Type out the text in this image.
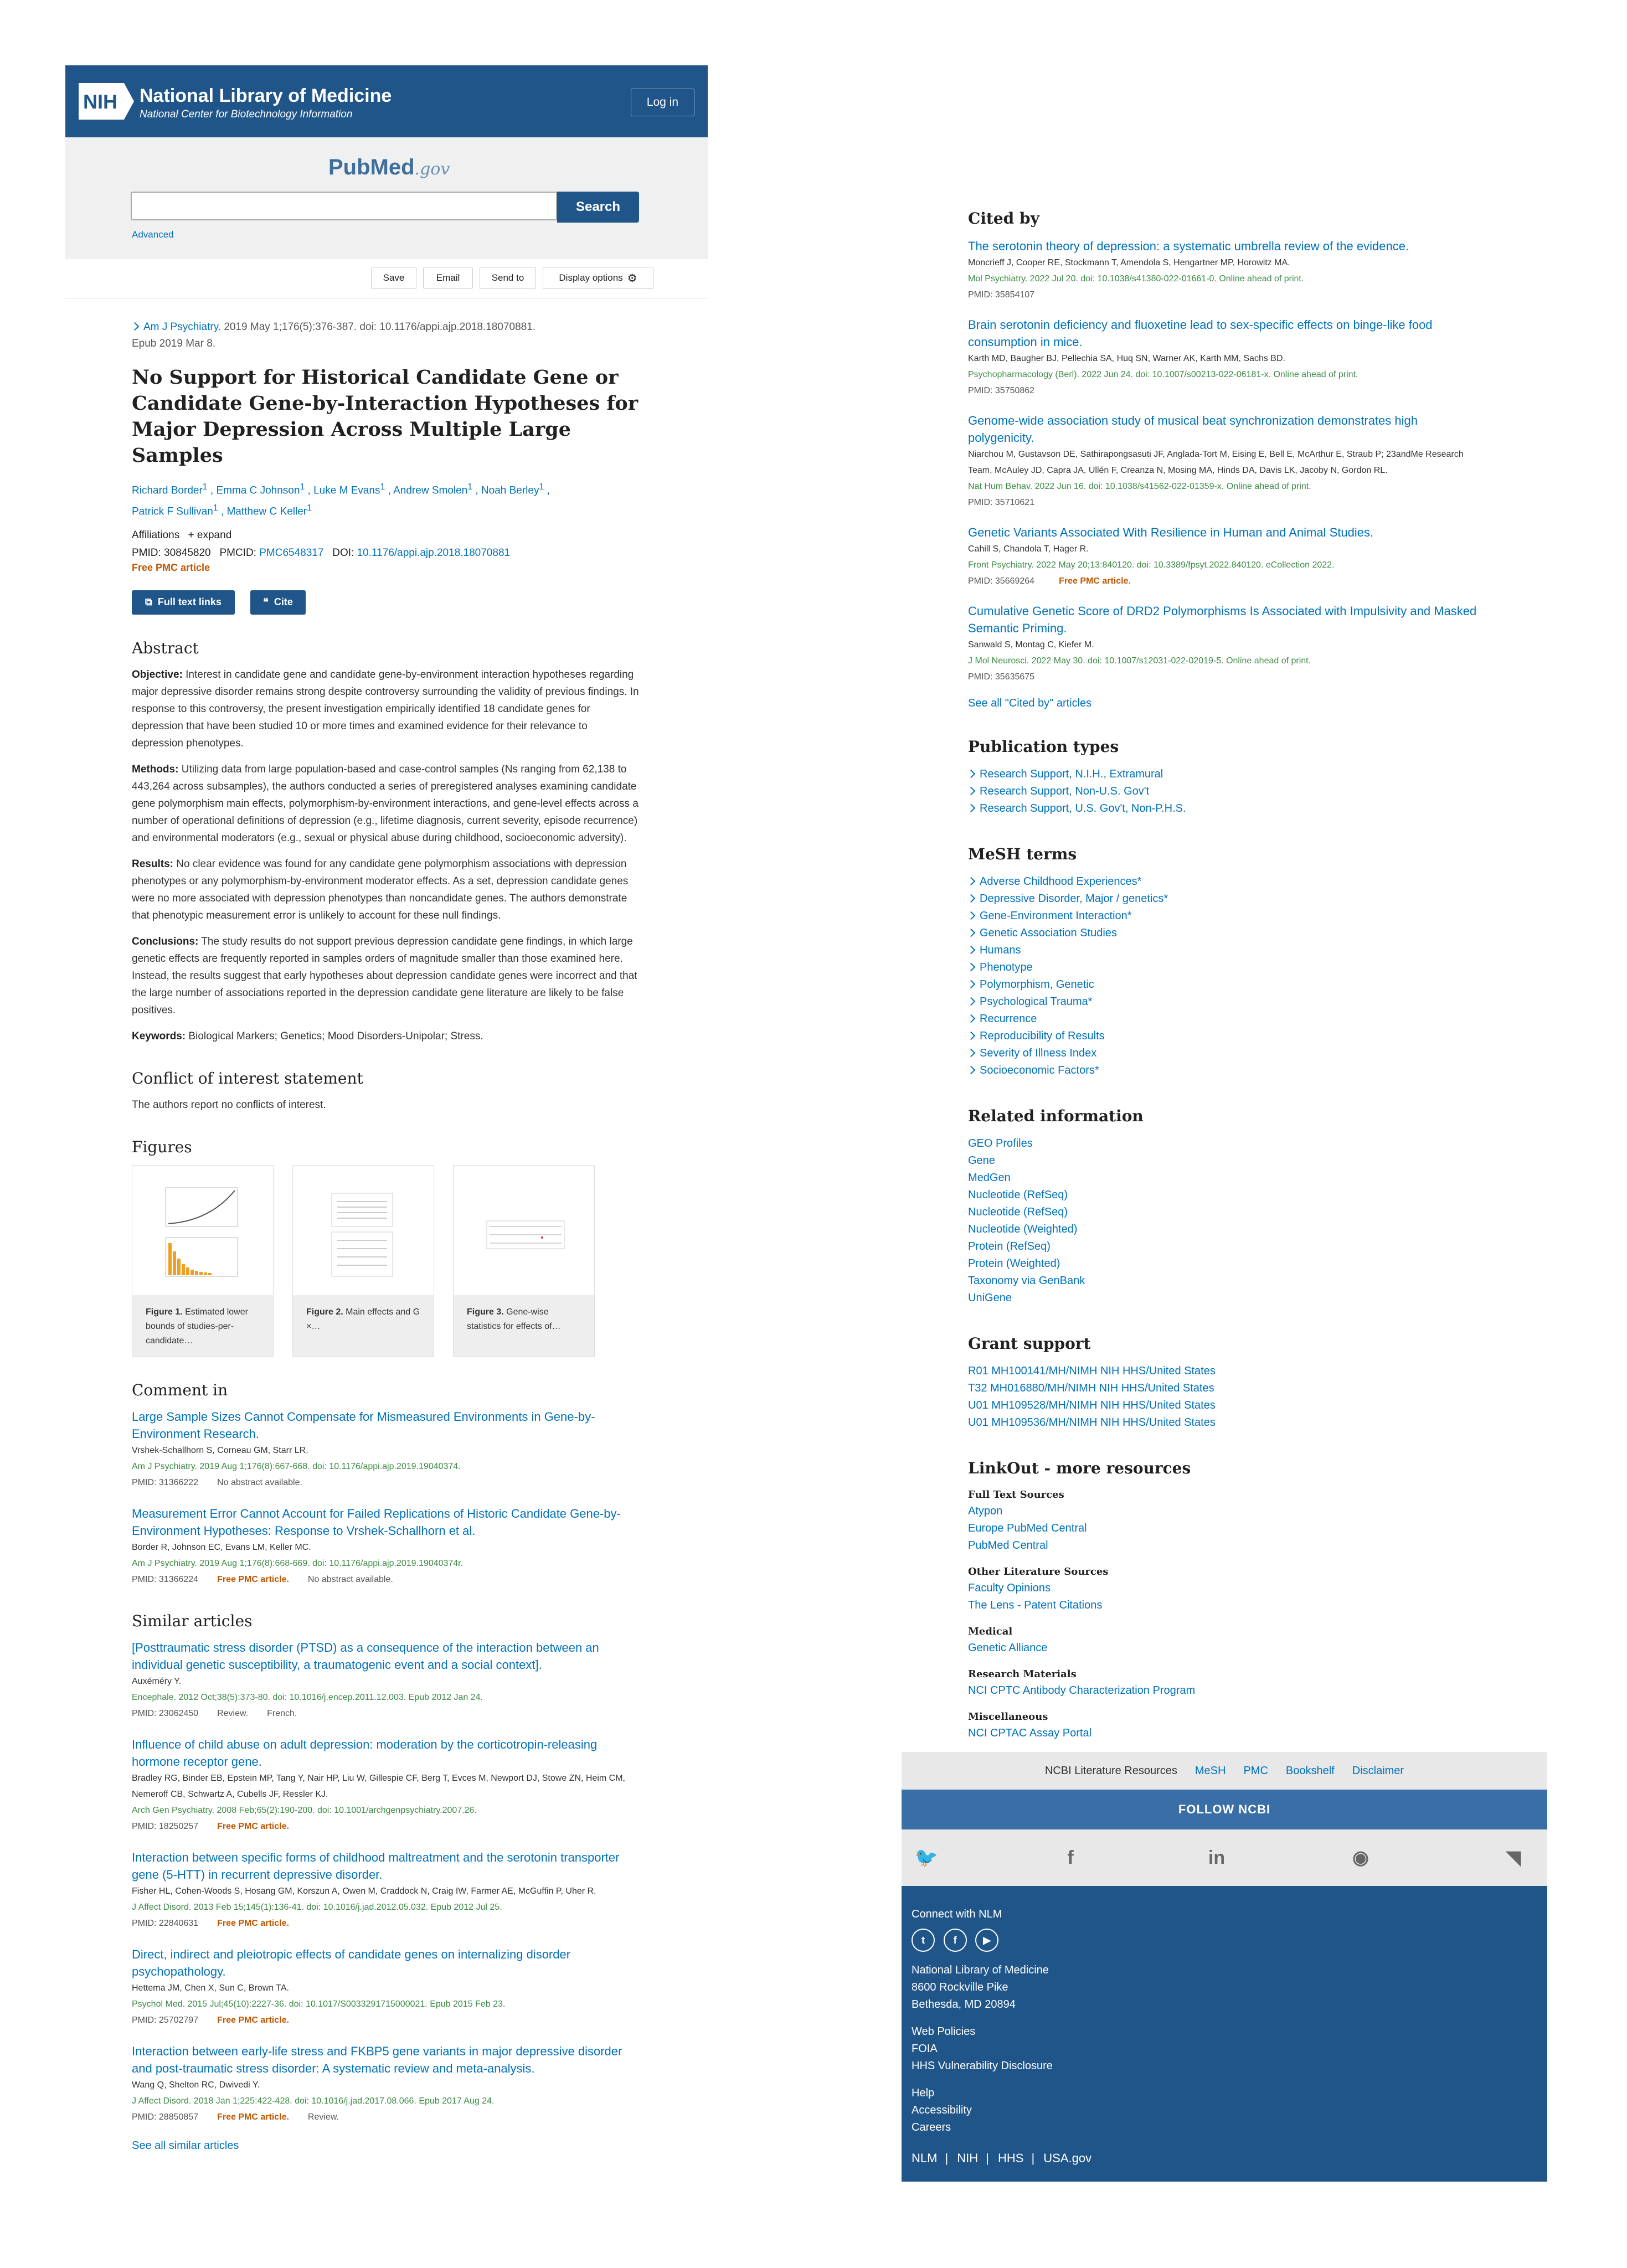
NIH National Library of Medicine
National Center for Biotechnology Information
Log in
PubMed.gov
Search
Advanced
Save	Email	Send to	Display options ⚙
Am J Psychiatry. 2019 May 1;176(5):376-387. doi: 10.1176/appi.ajp.2018.18070881.
Epub 2019 Mar 8.
No Support for Historical Candidate Gene or Candidate Gene-by-Interaction Hypotheses for Major Depression Across Multiple Large Samples
Richard Border$^1$ , Emma C Johnson$^1$ , Luke M Evans$^1$ , Andrew Smolen$^1$ , Noah Berley$^1$ ,
Patrick F Sullivan$^1$ , Matthew C Keller$^1$
Affiliations + expand
PMID: 30845820 PMCID: PMC6548317 DOI: 10.1176/appi.ajp.2018.18070881
Free PMC article
⧉ Full text links	❝ Cite
Abstract

Objective: Interest in candidate gene and candidate gene-by-environment interaction hypotheses regarding major depressive disorder remains strong despite controversy surrounding the validity of previous findings. In response to this controversy, the present investigation empirically identified 18 candidate genes for depression that have been studied 10 or more times and examined evidence for their relevance to depression phenotypes.

Methods: Utilizing data from large population-based and case-control samples (Ns ranging from 62,138 to 443,264 across subsamples), the authors conducted a series of preregistered analyses examining candidate gene polymorphism main effects, polymorphism-by-environment interactions, and gene-level effects across a number of operational definitions of depression (e.g., lifetime diagnosis, current severity, episode recurrence) and environmental moderators (e.g., sexual or physical abuse during childhood, socioeconomic adversity).

Results: No clear evidence was found for any candidate gene polymorphism associations with depression phenotypes or any polymorphism-by-environment moderator effects. As a set, depression candidate genes were no more associated with depression phenotypes than noncandidate genes. The authors demonstrate that phenotypic measurement error is unlikely to account for these null findings.

Conclusions: The study results do not support previous depression candidate gene findings, in which large genetic effects are frequently reported in samples orders of magnitude smaller than those examined here. Instead, the results suggest that early hypotheses about depression candidate genes were incorrect and that the large number of associations reported in the depression candidate gene literature are likely to be false positives.

Keywords: Biological Markers; Genetics; Mood Disorders-Unipolar; Stress.

Conflict of interest statement

The authors report no conflicts of interest.

Figures
Figure 1. Estimated lower bounds of studies-per-candidate…
Figure 2. Main effects and G ×…
Figure 3. Gene-wise statistics for effects of…
Comment in
Large Sample Sizes Cannot Compensate for Mismeasured Environments in Gene-by-Environment Research.
Vrshek-Schallhorn S, Corneau GM, Starr LR.
Am J Psychiatry. 2019 Aug 1;176(8):667-668. doi: 10.1176/appi.ajp.2019.19040374.
PMID: 31366222 No abstract available.
Measurement Error Cannot Account for Failed Replications of Historic Candidate Gene-by-Environment Hypotheses: Response to Vrshek-Schallhorn et al.
Border R, Johnson EC, Evans LM, Keller MC.
Am J Psychiatry. 2019 Aug 1;176(8):668-669. doi: 10.1176/appi.ajp.2019.19040374r.
PMID: 31366224 Free PMC article. No abstract available.
Similar articles
[Posttraumatic stress disorder (PTSD) as a consequence of the interaction between an individual genetic susceptibility, a traumatogenic event and a social context].
Auxéméry Y.
Encephale. 2012 Oct;38(5):373-80. doi: 10.1016/j.encep.2011.12.003. Epub 2012 Jan 24.
PMID: 23062450 Review. French.
Influence of child abuse on adult depression: moderation by the corticotropin-releasing hormone receptor gene.
Bradley RG, Binder EB, Epstein MP, Tang Y, Nair HP, Liu W, Gillespie CF, Berg T, Evces M, Newport DJ, Stowe ZN, Heim CM, Nemeroff CB, Schwartz A, Cubells JF, Ressler KJ.
Arch Gen Psychiatry. 2008 Feb;65(2):190-200. doi: 10.1001/archgenpsychiatry.2007.26.
PMID: 18250257 Free PMC article.
Interaction between specific forms of childhood maltreatment and the serotonin transporter gene (5-HTT) in recurrent depressive disorder.
Fisher HL, Cohen-Woods S, Hosang GM, Korszun A, Owen M, Craddock N, Craig IW, Farmer AE, McGuffin P, Uher R.
J Affect Disord. 2013 Feb 15;145(1):136-41. doi: 10.1016/j.jad.2012.05.032. Epub 2012 Jul 25.
PMID: 22840631 Free PMC article.
Direct, indirect and pleiotropic effects of candidate genes on internalizing disorder psychopathology.
Hettema JM, Chen X, Sun C, Brown TA.
Psychol Med. 2015 Jul;45(10):2227-36. doi: 10.1017/S0033291715000021. Epub 2015 Feb 23.
PMID: 25702797 Free PMC article.
Interaction between early-life stress and FKBP5 gene variants in major depressive disorder and post-traumatic stress disorder: A systematic review and meta-analysis.
Wang Q, Shelton RC, Dwivedi Y.
J Affect Disord. 2018 Jan 1;225:422-428. doi: 10.1016/j.jad.2017.08.066. Epub 2017 Aug 24.
PMID: 28850857 Free PMC article. Review.
See all similar articles
Cited by
The serotonin theory of depression: a systematic umbrella review of the evidence.
Moncrieff J, Cooper RE, Stockmann T, Amendola S, Hengartner MP, Horowitz MA.
Mol Psychiatry. 2022 Jul 20. doi: 10.1038/s41380-022-01661-0. Online ahead of print.
PMID: 35854107
Brain serotonin deficiency and fluoxetine lead to sex-specific effects on binge-like food consumption in mice.
Karth MD, Baugher BJ, Pellechia SA, Huq SN, Warner AK, Karth MM, Sachs BD.
Psychopharmacology (Berl). 2022 Jun 24. doi: 10.1007/s00213-022-06181-x. Online ahead of print.
PMID: 35750862
Genome-wide association study of musical beat synchronization demonstrates high polygenicity.
Niarchou M, Gustavson DE, Sathirapongsasuti JF, Anglada-Tort M, Eising E, Bell E, McArthur E, Straub P; 23andMe Research Team, McAuley JD, Capra JA, Ullén F, Creanza N, Mosing MA, Hinds DA, Davis LK, Jacoby N, Gordon RL.
Nat Hum Behav. 2022 Jun 16. doi: 10.1038/s41562-022-01359-x. Online ahead of print.
PMID: 35710621
Genetic Variants Associated With Resilience in Human and Animal Studies.
Cahill S, Chandola T, Hager R.
Front Psychiatry. 2022 May 20;13:840120. doi: 10.3389/fpsyt.2022.840120. eCollection 2022.
PMID: 35669264	Free PMC article.
Cumulative Genetic Score of DRD2 Polymorphisms Is Associated with Impulsivity and Masked Semantic Priming.
Sanwald S, Montag C, Kiefer M.
J Mol Neurosci. 2022 May 30. doi: 10.1007/s12031-022-02019-5. Online ahead of print.
PMID: 35635675
See all "Cited by" articles
Publication types
Research Support, N.I.H., Extramural
Research Support, Non-U.S. Gov't
Research Support, U.S. Gov't, Non-P.H.S.
MeSH terms
Adverse Childhood Experiences*
Depressive Disorder, Major / genetics*
Gene-Environment Interaction*
Genetic Association Studies
Humans
Phenotype
Polymorphism, Genetic
Psychological Trauma*
Recurrence
Reproducibility of Results
Severity of Illness Index
Socioeconomic Factors*
Related information
GEO Profiles
Gene
MedGen
Nucleotide (RefSeq)
Nucleotide (RefSeq)
Nucleotide (Weighted)
Protein (RefSeq)
Protein (Weighted)
Taxonomy via GenBank
UniGene
Grant support
R01 MH100141/MH/NIMH NIH HHS/United States
T32 MH016880/MH/NIMH NIH HHS/United States
U01 MH109528/MH/NIMH NIH HHS/United States
U01 MH109536/MH/NIMH NIH HHS/United States
LinkOut - more resources
Full Text Sources
Atypon
Europe PubMed Central
PubMed Central
Other Literature Sources
Faculty Opinions
The Lens - Patent Citations
Medical
Genetic Alliance
Research Materials
NCI CPTC Antibody Characterization Program
Miscellaneous
NCI CPTAC Assay Portal
NCBI Literature Resources MeSH PMC Bookshelf Disclaimer
FOLLOW NCBI
🐦	f	in	◉	◥
Connect with NLM
t	f	▶
National Library of Medicine
8600 Rockville Pike
Bethesda, MD 20894
Web Policies
FOIA
HHS Vulnerability Disclosure
Help
Accessibility
Careers
NLM | NIH | HHS | USA.gov
